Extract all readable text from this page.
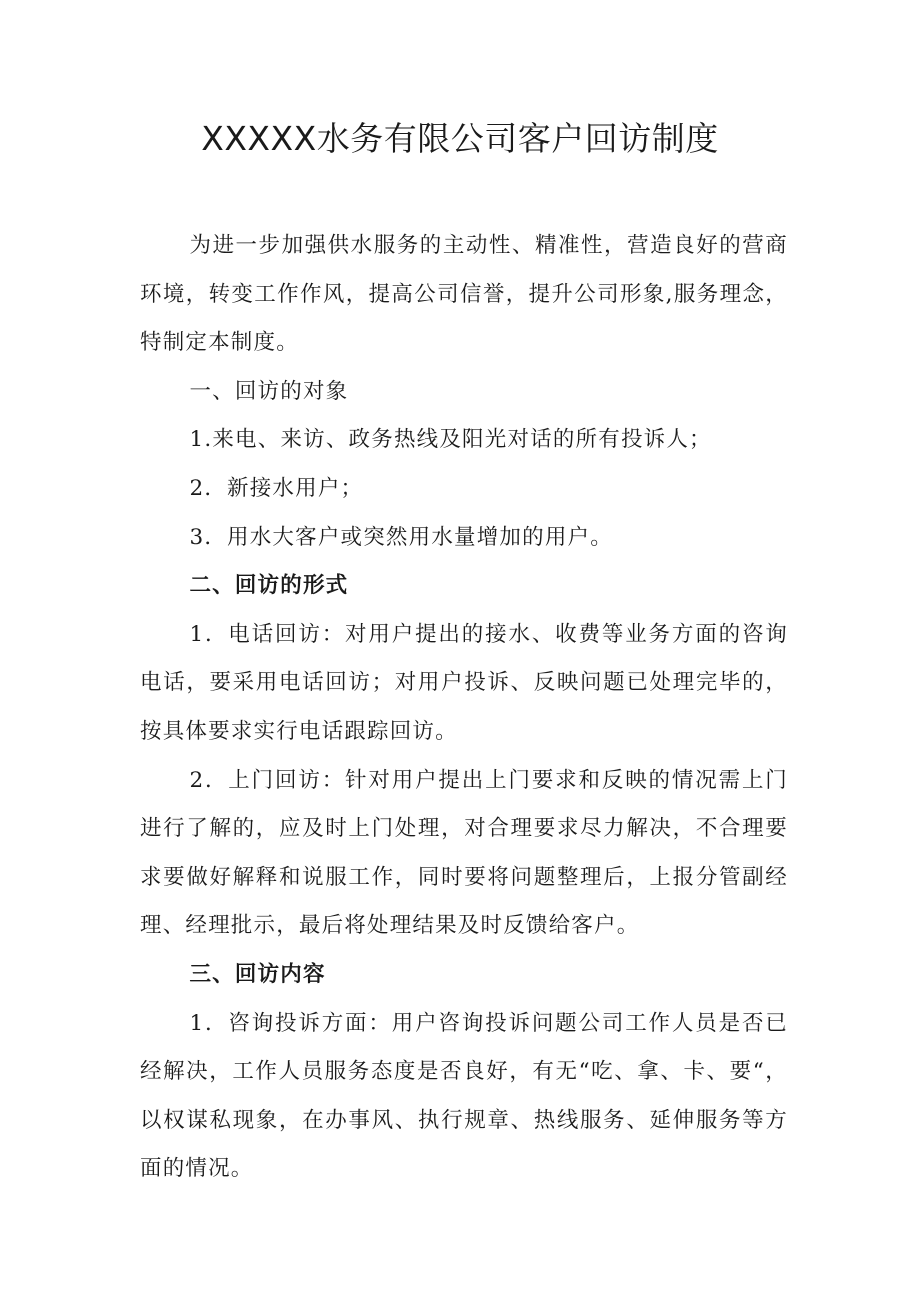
XXXXX水务有限公司客户回访制度

为进一步加强供水服务的主动性、精准性，营造良好的营商环境，转变工作作风，提高公司信誉，提升公司形象,服务理念，特制定本制度。

一、回访的对象

1.来电、来访、政务热线及阳光对话的所有投诉人；

2．新接水用户；

3．用水大客户或突然用水量增加的用户。

二、回访的形式

1．电话回访：对用户提出的接水、收费等业务方面的咨询电话，要采用电话回访；对用户投诉、反映问题已处理完毕的，按具体要求实行电话跟踪回访。

2．上门回访：针对用户提出上门要求和反映的情况需上门进行了解的，应及时上门处理，对合理要求尽力解决，不合理要求要做好解释和说服工作，同时要将问题整理后，上报分管副经理、经理批示，最后将处理结果及时反馈给客户。

三、回访内容

1．咨询投诉方面：用户咨询投诉问题公司工作人员是否已经解决，工作人员服务态度是否良好，有无“吃、拿、卡、要“，以权谋私现象，在办事风、执行规章、热线服务、延伸服务等方面的情况。
